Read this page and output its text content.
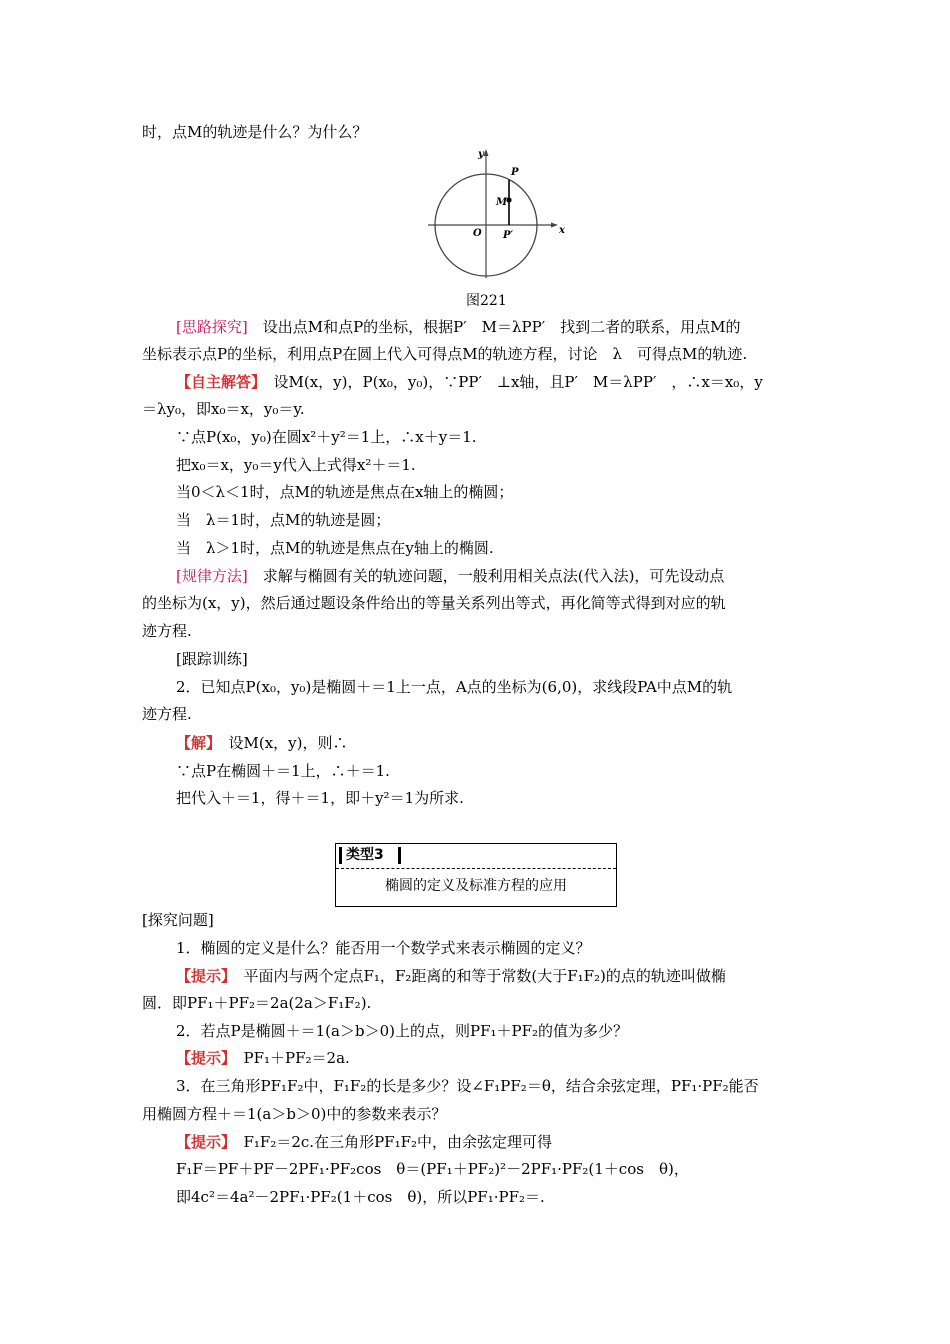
时，点M的轨迹是什么？为什么？
y
x
O
P
M
P′
图221
[思路探究]　设出点M和点P的坐标，根据P′　M＝λPP′　找到二者的联系，用点M的
坐标表示点P的坐标，利用点P在圆上代入可得点M的轨迹方程，讨论　λ　可得点M的轨迹.
【自主解答】　设M(x，y)，P(x₀，y₀)，∵PP′　⊥x轴，且P′　M＝λPP′　，∴x＝x₀，y
＝λy₀，即x₀＝x，y₀＝y.
∵点P(x₀，y₀)在圆x²＋y²＝1上，∴x＋y＝1.
把x₀＝x，y₀＝y代入上式得x²＋＝1.
当0＜λ＜1时，点M的轨迹是焦点在x轴上的椭圆；
当　λ＝1时，点M的轨迹是圆；
当　λ＞1时，点M的轨迹是焦点在y轴上的椭圆.
[规律方法]　求解与椭圆有关的轨迹问题，一般利用相关点法(代入法)，可先设动点
的坐标为(x，y)，然后通过题设条件给出的等量关系列出等式，再化简等式得到对应的轨
迹方程.
[跟踪训练]
2．已知点P(x₀，y₀)是椭圆＋＝1上一点，A点的坐标为(6,0)，求线段PA中点M的轨
迹方程.
【解】　设M(x，y)，则∴
∵点P在椭圆＋＝1上，∴＋＝1.
把代入＋＝1，得＋＝1，即＋y²＝1为所求.
类型3
椭圆的定义及标准方程的应用
[探究问题]
1．椭圆的定义是什么？能否用一个数学式来表示椭圆的定义？
【提示】　平面内与两个定点F₁，F₂距离的和等于常数(大于F₁F₂)的点的轨迹叫做椭
圆．即PF₁＋PF₂＝2a(2a＞F₁F₂).
2．若点P是椭圆＋＝1(a＞b＞0)上的点，则PF₁＋PF₂的值为多少？
【提示】　PF₁＋PF₂＝2a.
3．在三角形PF₁F₂中，F₁F₂的长是多少？设∠F₁PF₂＝θ，结合余弦定理，PF₁·PF₂能否
用椭圆方程＋＝1(a＞b＞0)中的参数来表示？
【提示】　F₁F₂＝2c.在三角形PF₁F₂中，由余弦定理可得
F₁F＝PF＋PF－2PF₁·PF₂cos　θ＝(PF₁＋PF₂)²－2PF₁·PF₂(1＋cos　θ)，
即4c²＝4a²－2PF₁·PF₂(1＋cos　θ)，所以PF₁·PF₂＝.
